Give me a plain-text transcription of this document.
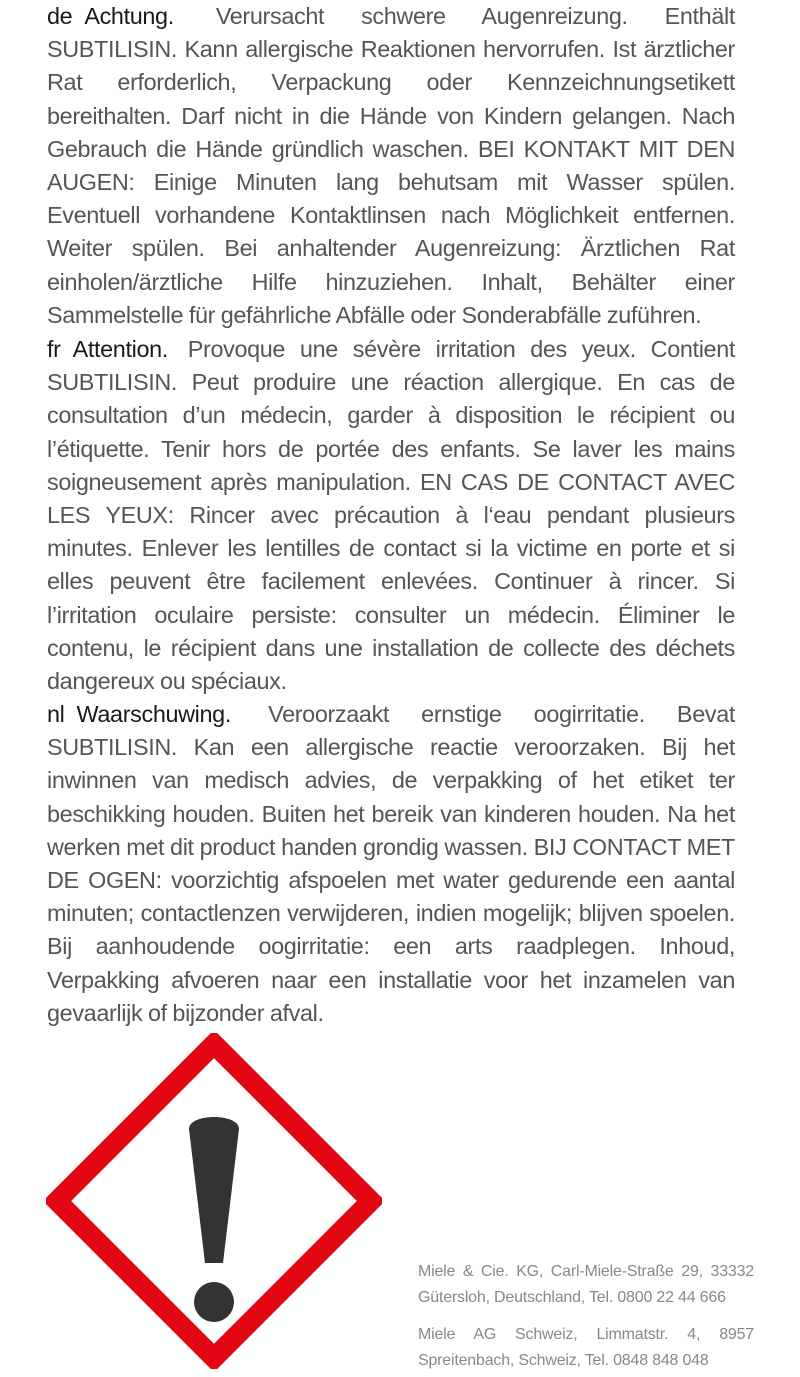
de Achtung. Verursacht schwere Augenreizung. Enthält SUBTILISIN. Kann allergische Reaktionen hervorrufen. Ist ärztlicher Rat erforderlich, Verpackung oder Kennzeichnungsetikett bereithalten. Darf nicht in die Hände von Kindern gelangen. Nach Gebrauch die Hände gründlich waschen. BEI KONTAKT MIT DEN AUGEN: Einige Minuten lang behutsam mit Wasser spülen. Eventuell vorhandene Kontaktlinsen nach Möglichkeit entfernen. Weiter spülen. Bei anhaltender Augenreizung: Ärztlichen Rat einholen/ärztliche Hilfe hinzuziehen. Inhalt, Behälter einer Sammelstelle für gefährliche Abfälle oder Sonderabfälle zuführen.
fr Attention. Provoque une sévère irritation des yeux. Contient SUBTILISIN. Peut produire une réaction allergique. En cas de consultation d’un médecin, garder à disposition le récipient ou l’étiquette. Tenir hors de portée des enfants. Se laver les mains soigneusement après manipulation. EN CAS DE CONTACT AVEC LES YEUX: Rincer avec précaution à l‘eau pendant plusieurs minutes. Enlever les lentilles de contact si la victime en porte et si elles peuvent être facilement enlevées. Continuer à rincer. Si l’irritation oculaire persiste: consulter un médecin. Éliminer le contenu, le récipient dans une installation de collecte des déchets dangereux ou spéciaux.
nl Waarschuwing. Veroorzaakt ernstige oogirritatie. Bevat SUBTILISIN. Kan een allergische reactie veroorzaken. Bij het inwinnen van medisch advies, de verpakking of het etiket ter beschikking houden. Buiten het bereik van kinderen houden. Na het werken met dit product handen grondig wassen. BIJ CONTACT MET DE OGEN: voorzichtig afspoelen met water gedurende een aantal minuten; contactlenzen verwijderen, indien mogelijk; blijven spoelen. Bij aanhoudende oogirritatie: een arts raadplegen. Inhoud, Verpakking afvoeren naar een installatie voor het inzamelen van gevaarlijk of bijzonder afval.
Miele & Cie. KG, Carl-Miele-Straße 29, 33332 Gütersloh, Deutschland, Tel. 0800 22 44 666
Miele AG Schweiz, Limmatstr. 4, 8957 Spreitenbach, Schweiz, Tel. 0848 848 048
